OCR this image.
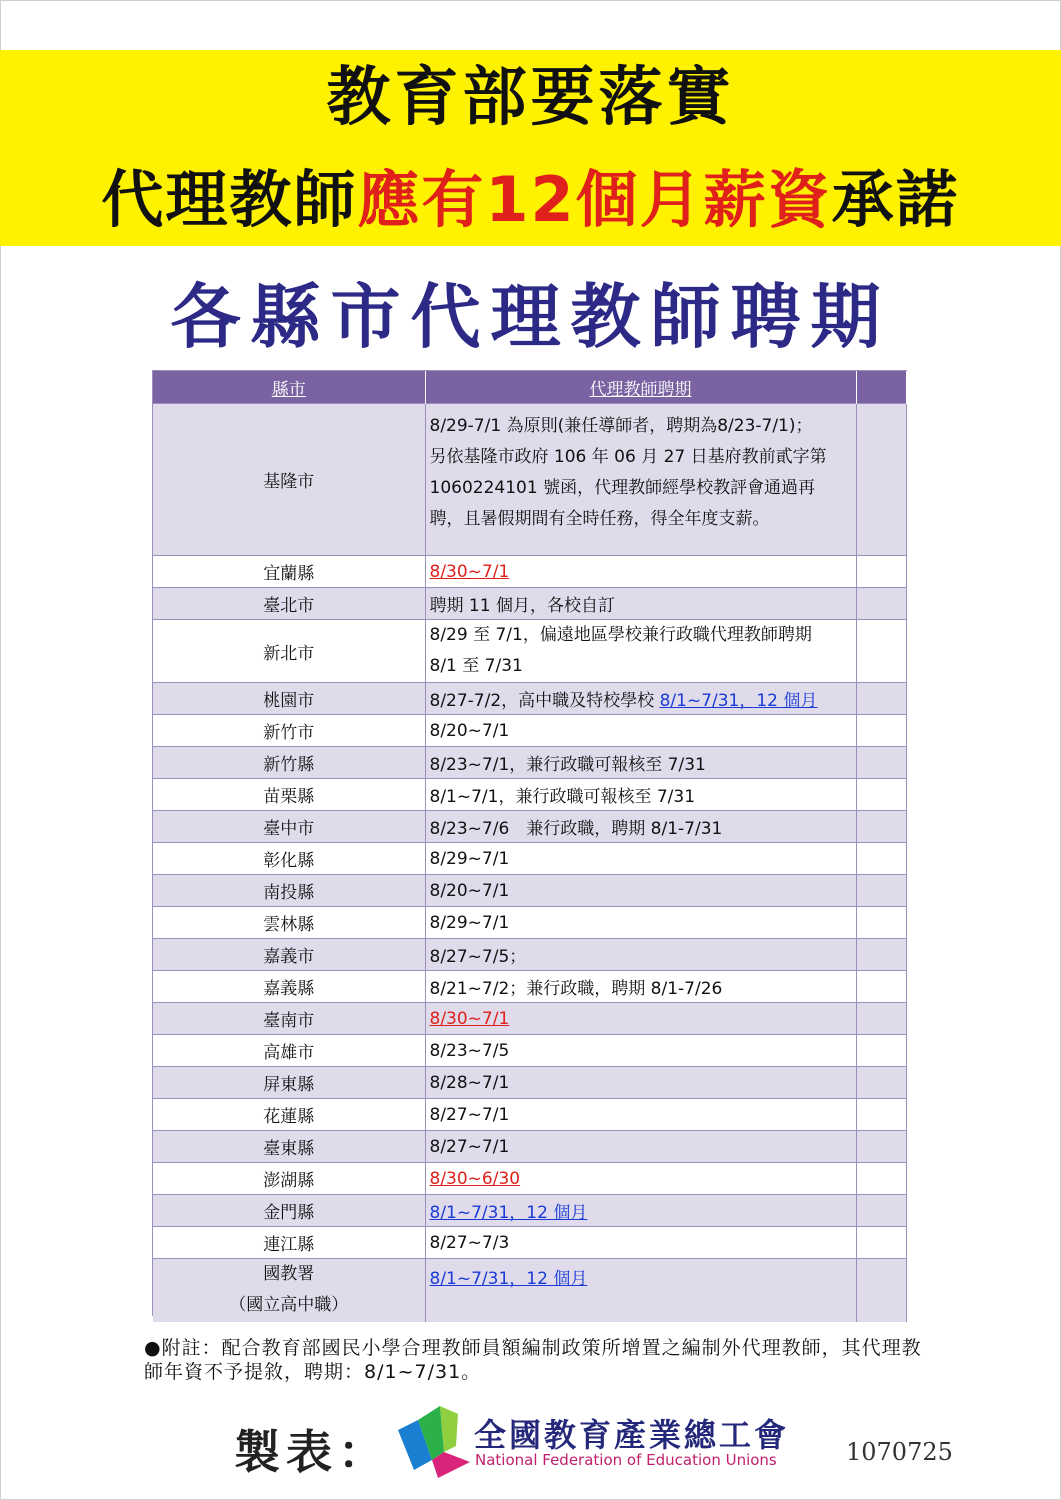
教育部要落實
代理教師應有12個月薪資承諾
各縣市代理教師聘期
縣市	代理教師聘期	
基隆市	8/29-7/1 為原則(兼任導師者，聘期為8/23-7/1)；
另依基隆市政府 106 年 06 月 27 日基府教前貳字第
1060224101 號函，代理教師經學校教評會通過再
聘，且暑假期間有全時任務，得全年度支薪。	

宜蘭縣	8/30~7/1	
臺北市	聘期 11 個月，各校自訂	
新北市	8/29 至 7/1，偏遠地區學校兼行政職代理教師聘期
8/1 至 7/31	

桃園市	8/27-7/2，高中職及特校學校 8/1~7/31，12 個月	
新竹市	8/20~7/1	
新竹縣	8/23~7/1，兼行政職可報核至 7/31	
苗栗縣	8/1~7/1，兼行政職可報核至 7/31	
臺中市	8/23~7/6　兼行政職，聘期 8/1-7/31	
彰化縣	8/29~7/1	
南投縣	8/20~7/1	
雲林縣	8/29~7/1	
嘉義市	8/27~7/5；	
嘉義縣	8/21~7/2；兼行政職，聘期 8/1-7/26	
臺南市	8/30~7/1	
高雄市	8/23~7/5	
屏東縣	8/28~7/1	
花蓮縣	8/27~7/1	
臺東縣	8/27~7/1	
澎湖縣	8/30~6/30	
金門縣	8/1~7/31，12 個月	
連江縣	8/27~7/3	

國教署
（國立高中職）	8/1~7/31，12 個月	
●附註：配合教育部國民小學合理教師員額編制政策所增置之編制外代理教師，其代理教師年資不予提敘，聘期：8/1~7/31。
製表：	全國教育產業總工會
National Federation of Education Unions	1070725
